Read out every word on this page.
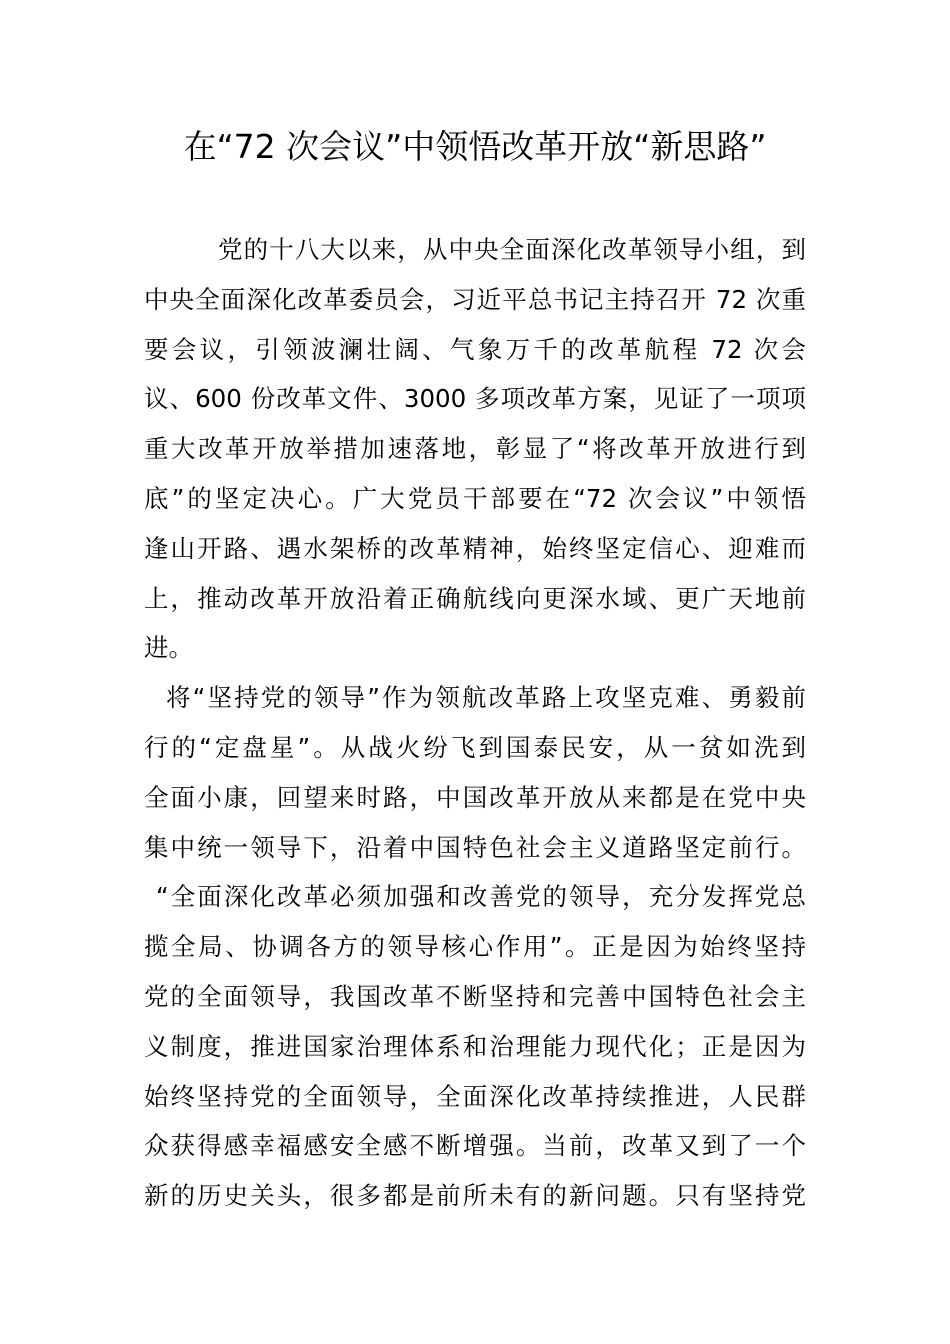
在“72 次会议”中领悟改革开放“新思路”
党的十八大以来，从中央全面深化改革领导小组，到
中央全面深化改革委员会，习近平总书记主持召开 72 次重
要会议，引领波澜壮阔、气象万千的改革航程 72 次会
议、600 份改革文件、3000 多项改革方案，见证了一项项
重大改革开放举措加速落地，彰显了“将改革开放进行到
底”的坚定决心。广大党员干部要在“72 次会议”中领悟
逢山开路、遇水架桥的改革精神，始终坚定信心、迎难而
上，推动改革开放沿着正确航线向更深水域、更广天地前
进。
将“坚持党的领导”作为领航改革路上攻坚克难、勇毅前
行的“定盘星”。从战火纷飞到国泰民安，从一贫如洗到
全面小康，回望来时路，中国改革开放从来都是在党中央
集中统一领导下，沿着中国特色社会主义道路坚定前行。
“全面深化改革必须加强和改善党的领导，充分发挥党总
揽全局、协调各方的领导核心作用”。正是因为始终坚持
党的全面领导，我国改革不断坚持和完善中国特色社会主
义制度，推进国家治理体系和治理能力现代化；正是因为
始终坚持党的全面领导，全面深化改革持续推进，人民群
众获得感幸福感安全感不断增强。当前，改革又到了一个
新的历史关头，很多都是前所未有的新问题。只有坚持党
